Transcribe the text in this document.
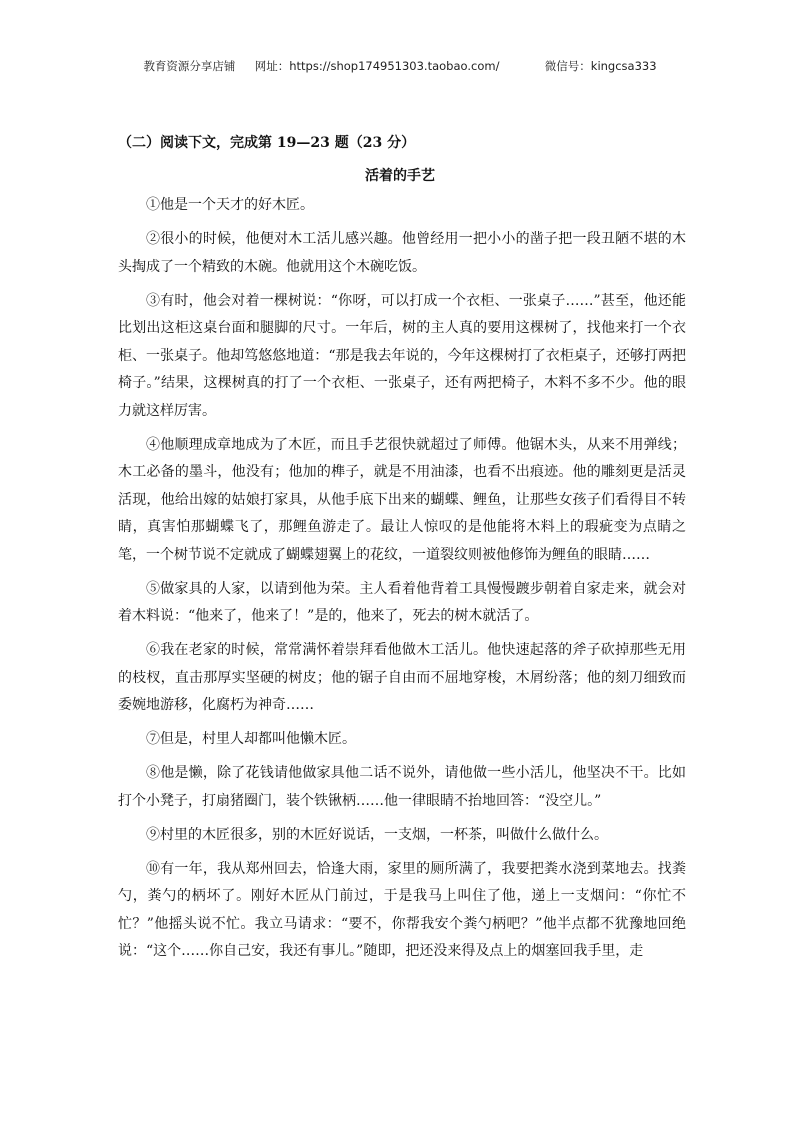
教育资源分享店铺 网址：https://shop174951303.taobao.com/	微信号：kingcsa333
（二）阅读下文，完成第 19—23 题（23 分）
活着的手艺

①他是一个天才的好木匠。

②很小的时候，他便对木工活儿感兴趣。他曾经用一把小小的凿子把一段丑陋不堪的木头掏成了一个精致的木碗。他就用这个木碗吃饭。

③有时，他会对着一棵树说：“你呀，可以打成一个衣柜、一张桌子……”甚至，他还能比划出这柜这桌台面和腿脚的尺寸。一年后，树的主人真的要用这棵树了，找他来打一个衣柜、一张桌子。他却笃悠悠地道：“那是我去年说的，今年这棵树打了衣柜桌子，还够打两把椅子。”结果，这棵树真的打了一个衣柜、一张桌子，还有两把椅子，木料不多不少。他的眼力就这样厉害。

④他顺理成章地成为了木匠，而且手艺很快就超过了师傅。他锯木头，从来不用弹线；木工必备的墨斗，他没有；他加的榫子，就是不用油漆，也看不出痕迹。他的雕刻更是活灵活现，他给出嫁的姑娘打家具，从他手底下出来的蝴蝶、鲤鱼，让那些女孩子们看得目不转睛，真害怕那蝴蝶飞了，那鲤鱼游走了。最让人惊叹的是他能将木料上的瑕疵变为点睛之笔，一个树节说不定就成了蝴蝶翅翼上的花纹，一道裂纹则被他修饰为鲤鱼的眼睛……

⑤做家具的人家，以请到他为荣。主人看着他背着工具慢慢踱步朝着自家走来，就会对着木料说：“他来了，他来了！”是的，他来了，死去的树木就活了。

⑥我在老家的时候，常常满怀着崇拜看他做木工活儿。他快速起落的斧子砍掉那些无用的枝杈，直击那厚实坚硬的树皮；他的锯子自由而不屈地穿梭，木屑纷落；他的刻刀细致而委婉地游移，化腐朽为神奇……

⑦但是，村里人却都叫他懒木匠。

⑧他是懒，除了花钱请他做家具他二话不说外，请他做一些小活儿，他坚决不干。比如打个小凳子，打扇猪圈门，装个铁锹柄……他一律眼睛不抬地回答：“没空儿。”

⑨村里的木匠很多，别的木匠好说话，一支烟，一杯茶，叫做什么做什么。

⑩有一年，我从郑州回去，恰逢大雨，家里的厕所满了，我要把粪水浇到菜地去。找粪勺，粪勺的柄坏了。刚好木匠从门前过，于是我马上叫住了他，递上一支烟问：“你忙不忙？”他摇头说不忙。我立马请求：“要不，你帮我安个粪勺柄吧？”他半点都不犹豫地回绝说：“这个……你自己安，我还有事儿。”随即，把还没来得及点上的烟塞回我手里，走
